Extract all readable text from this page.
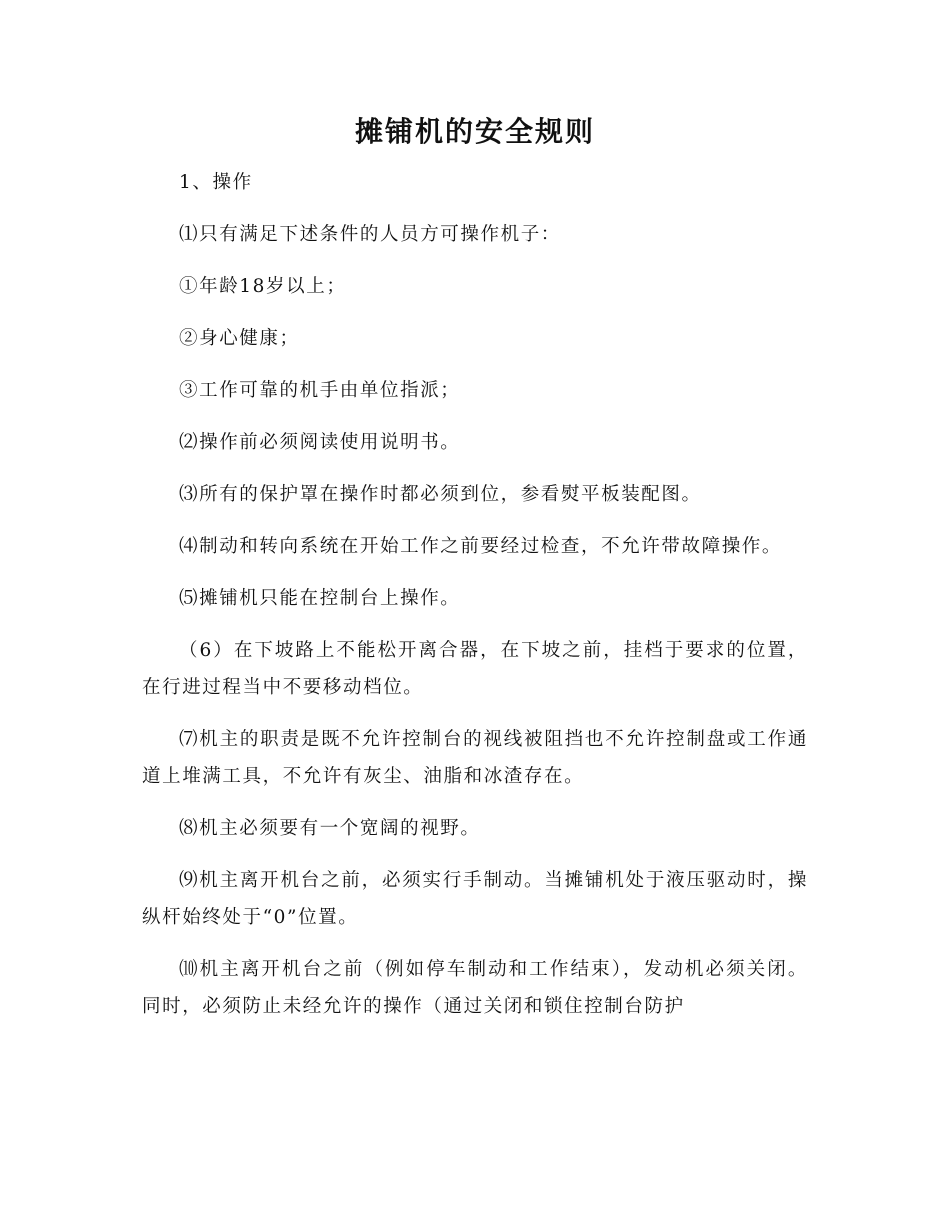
摊铺机的安全规则

1、操作

⑴只有满足下述条件的人员方可操作机子：

①年龄18岁以上；

②身心健康；

③工作可靠的机手由单位指派；

⑵操作前必须阅读使用说明书。

⑶所有的保护罩在操作时都必须到位，参看熨平板装配图。

⑷制动和转向系统在开始工作之前要经过检查，不允许带故障操作。

⑸摊铺机只能在控制台上操作。

（6）在下坡路上不能松开离合器，在下坡之前，挂档于要求的位置，在行进过程当中不要移动档位。

⑺机主的职责是既不允许控制台的视线被阻挡也不允许控制盘或工作通道上堆满工具，不允许有灰尘、油脂和冰渣存在。

⑻机主必须要有一个宽阔的视野。

⑼机主离开机台之前，必须实行手制动。当摊铺机处于液压驱动时，操纵杆始终处于“0”位置。

⑽机主离开机台之前（例如停车制动和工作结束），发动机必须关闭。同时，必须防止未经允许的操作（通过关闭和锁住控制台防护
